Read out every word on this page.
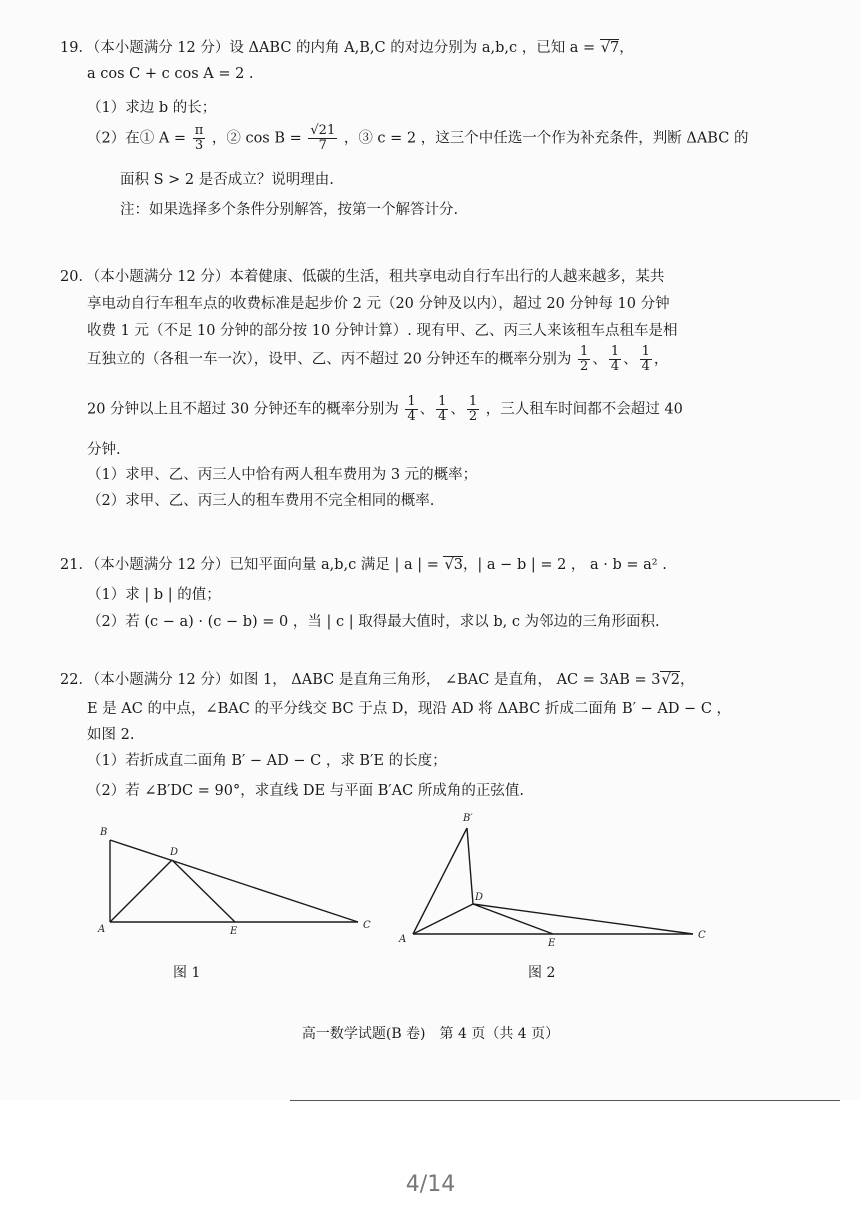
19．（本小题满分 12 分）设 ΔABC 的内角 A,B,C 的对边分别为 a,b,c ，已知 a = √7，
a cos C + c cos A = 2 .
（1）求边 b 的长；
（2）在① $A = \frac{\pi}{3}$ ，② $\cos B = \frac{√21}{7}$ ，③ c = 2 ，这三个中任选一个作为补充条件，判断 ΔABC 的
面积 S > 2 是否成立？说明理由.
注：如果选择多个条件分别解答，按第一个解答计分.
20．（本小题满分 12 分）本着健康、低碳的生活，租共享电动自行车出行的人越来越多，某共
享电动自行车租车点的收费标准是起步价 2 元（20 分钟及以内），超过 20 分钟每 10 分钟
收费 1 元（不足 10 分钟的部分按 10 分钟计算）. 现有甲、乙、丙三人来该租车点租车是相
互独立的（各租一车一次），设甲、乙、丙不超过 20 分钟还车的概率分别为 $\frac{1}{2}$ 、 $\frac{1}{4}$ 、 $\frac{1}{4}$ ，
20 分钟以上且不超过 30 分钟还车的概率分别为 $\frac{1}{4}$ 、 $\frac{1}{4}$ 、 $\frac{1}{2}$ ，三人租车时间都不会超过 40
分钟.
（1）求甲、乙、丙三人中恰有两人租车费用为 3 元的概率；
（2）求甲、乙、丙三人的租车费用不完全相同的概率.
21．（本小题满分 12 分）已知平面向量 a,b,c 满足 | a | = √3，| a − b | = 2 ， a · b = a² .
（1）求 | b | 的值；
（2）若 (c − a) · (c − b) = 0 ，当 | c | 取得最大值时，求以 b, c 为邻边的三角形面积.
22．（本小题满分 12 分）如图 1， ΔABC 是直角三角形， ∠BAC 是直角， AC = 3AB = 3√2，
E 是 AC 的中点，∠BAC 的平分线交 BC 于点 D，现沿 AD 将 ΔABC 折成二面角 B′ − AD − C ，
如图 2.
（1）若折成直二面角 B′ − AD − C ，求 B′E 的长度；
（2）若 ∠B′DC = 90°，求直线 DE 与平面 B′AC 所成角的正弦值.
B
D
A	E
C
图 1
B′
D
A	E
C
图 2
高一数学试题(B 卷)　第 4 页（共 4 页）
4/14
